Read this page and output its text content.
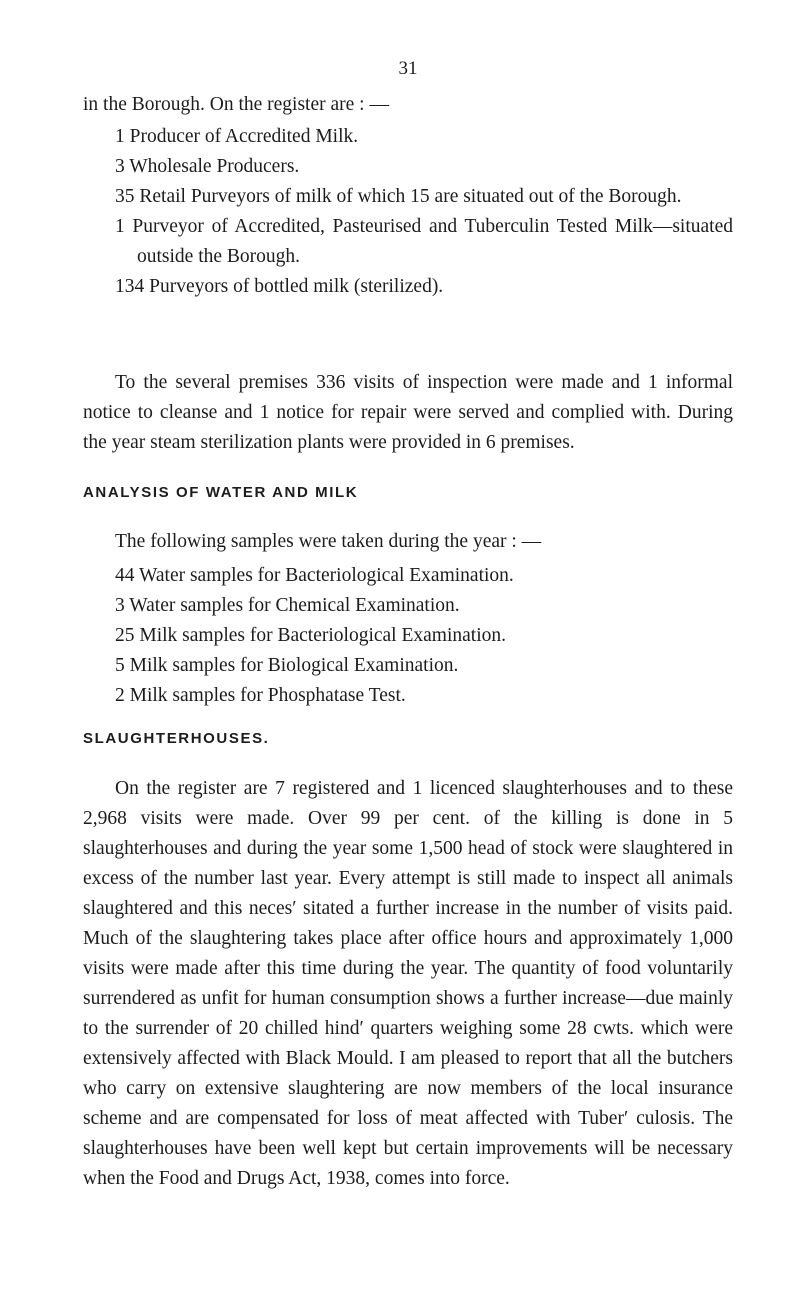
31

in the Borough. On the register are : —

1 Producer of Accredited Milk.
3 Wholesale Producers.
35 Retail Purveyors of milk of which 15 are situated out of the Borough.
1 Purveyor of Accredited, Pasteurised and Tuberculin Tested Milk—situated outside the Borough.
134 Purveyors of bottled milk (sterilized).

To the several premises 336 visits of inspection were made and 1 informal notice to cleanse and 1 notice for repair were served and complied with. During the year steam sterilization plants were provided in 6 premises.

ANALYSIS OF WATER AND MILK

The following samples were taken during the year : —

44 Water samples for Bacteriological Examination.
3 Water samples for Chemical Examination.
25 Milk samples for Bacteriological Examination.
5 Milk samples for Biological Examination.
2 Milk samples for Phosphatase Test.
SLAUGHTERHOUSES.

On the register are 7 registered and 1 licenced slaughterhouses and to these 2,968 visits were made. Over 99 per cent. of the killing is done in 5 slaughterhouses and during the year some 1,500 head of stock were slaughtered in excess of the number last year. Every attempt is still made to inspect all animals slaughtered and this neces′ sitated a further increase in the number of visits paid. Much of the slaughtering takes place after office hours and approximately 1,000 visits were made after this time during the year. The quantity of food voluntarily surrendered as unfit for human consumption shows a further increase—due mainly to the surrender of 20 chilled hind′ quarters weighing some 28 cwts. which were extensively affected with Black Mould. I am pleased to report that all the butchers who carry on extensive slaughtering are now members of the local insurance scheme and are compensated for loss of meat affected with Tuber′ culosis. The slaughterhouses have been well kept but certain improvements will be necessary when the Food and Drugs Act, 1938, comes into force.
